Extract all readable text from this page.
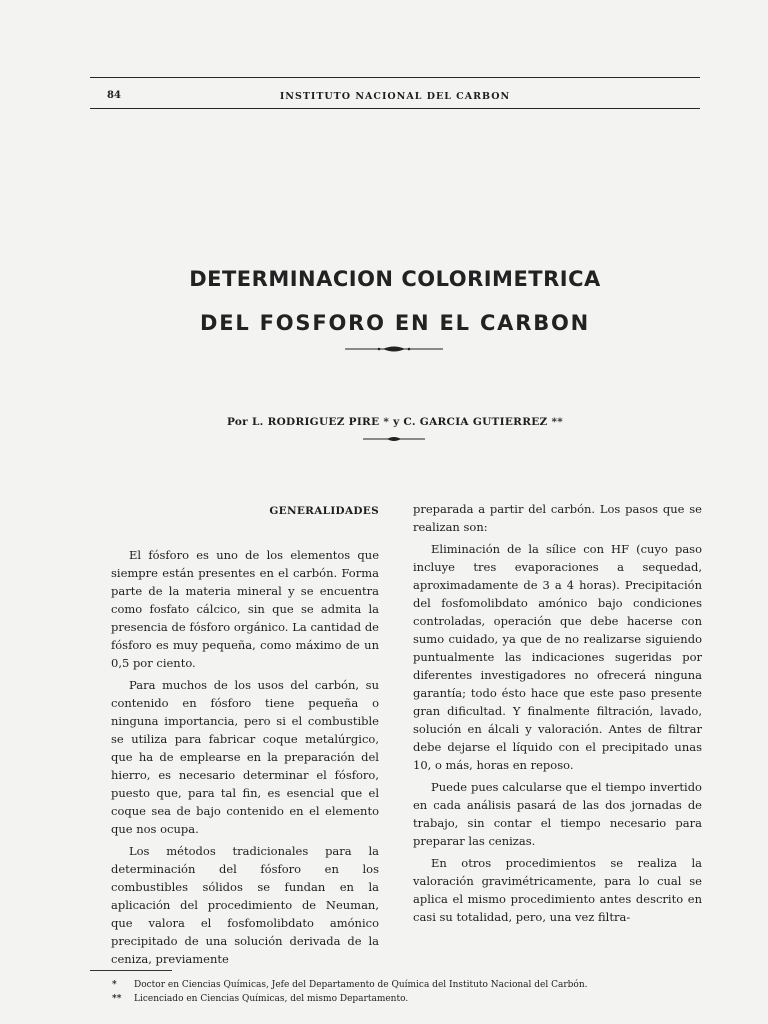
84	INSTITUTO NACIONAL DEL CARBON
DETERMINACION COLORIMETRICA
DEL FOSFORO EN EL CARBON
Por L. RODRIGUEZ PIRE * y C. GARCIA GUTIERREZ **
GENERALIDADES

El fósforo es uno de los elementos que siempre están presentes en el carbón. Forma parte de la materia mineral y se encuentra como fosfato cálcico, sin que se admita la presencia de fósforo orgánico. La cantidad de fósforo es muy pequeña, como máximo de un 0,5 por ciento.

Para muchos de los usos del carbón, su contenido en fósforo tiene pequeña o ninguna importancia, pero si el combustible se utiliza para fabricar coque metalúrgico, que ha de emplearse en la preparación del hierro, es necesario determinar el fósforo, puesto que, para tal fin, es esencial que el coque sea de bajo contenido en el elemento que nos ocupa.

Los métodos tradicionales para la determinación del fósforo en los combustibles sólidos se fundan en la aplicación del procedimiento de Neuman, que valora el fosfomolibdato amónico precipitado de una solución derivada de la ceniza, previamente

preparada a partir del carbón. Los pasos que se realizan son:

Eliminación de la sílice con HF (cuyo paso incluye tres evaporaciones a sequedad, aproximadamente de 3 a 4 horas). Precipitación del fosfomolibdato amónico bajo condiciones controladas, operación que debe hacerse con sumo cuidado, ya que de no realizarse siguiendo puntualmente las indicaciones sugeridas por diferentes investigadores no ofrecerá ninguna garantía; todo ésto hace que este paso presente gran dificultad. Y finalmente filtración, lavado, solución en álcali y valoración. Antes de filtrar debe dejarse el líquido con el precipitado unas 10, o más, horas en reposo.

Puede pues calcularse que el tiempo invertido en cada análisis pasará de las dos jornadas de trabajo, sin contar el tiempo necesario para preparar las cenizas.

En otros procedimientos se realiza la valoración gravimétricamente, para lo cual se aplica el mismo procedimiento antes descrito en casi su totalidad, pero, una vez filtra-

*	Doctor en Ciencias Químicas, Jefe del Departamento de Química del Instituto Nacional del Carbón.
**	Licenciado en Ciencias Químicas, del mismo Departamento.
